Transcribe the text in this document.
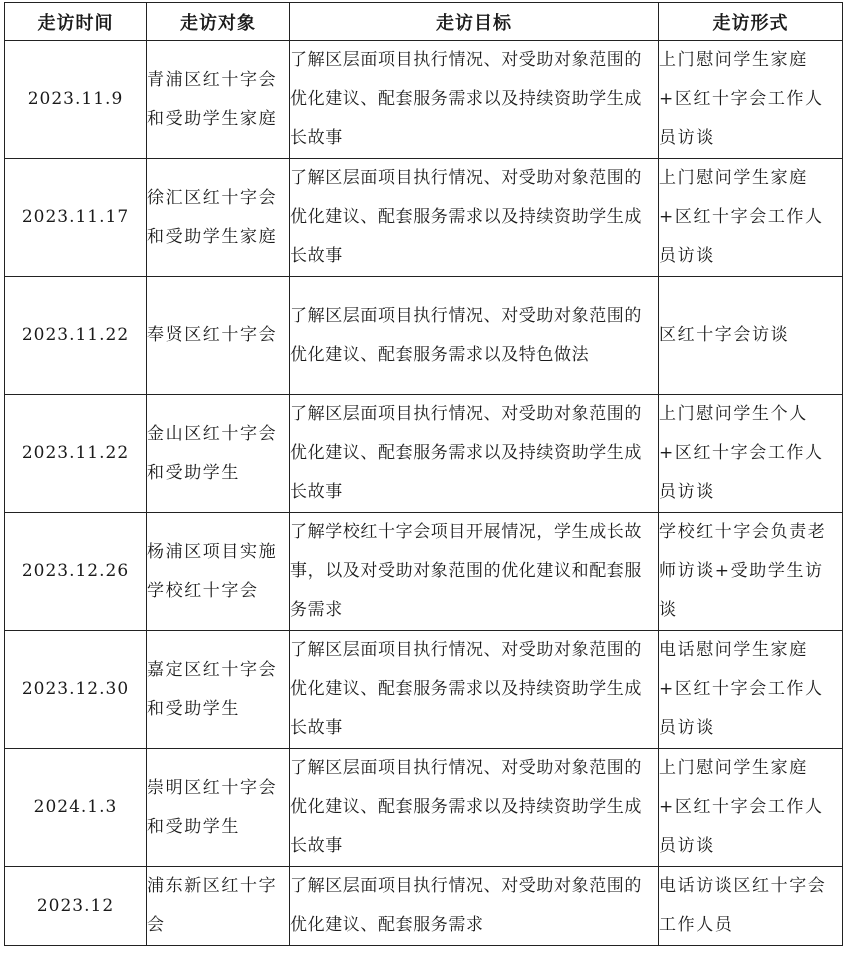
走访时间	走访对象	走访目标	走访形式
2023.11.9	青浦区红十字会和受助学生家庭	了解区层面项目执行情况、对受助对象范围的优化建议、配套服务需求以及持续资助学生成长故事	上门慰问学生家庭+区红十字会工作人员访谈
2023.11.17	徐汇区红十字会和受助学生家庭	了解区层面项目执行情况、对受助对象范围的优化建议、配套服务需求以及持续资助学生成长故事	上门慰问学生家庭+区红十字会工作人员访谈
2023.11.22	奉贤区红十字会	了解区层面项目执行情况、对受助对象范围的优化建议、配套服务需求以及特色做法	区红十字会访谈
2023.11.22	金山区红十字会和受助学生	了解区层面项目执行情况、对受助对象范围的优化建议、配套服务需求以及持续资助学生成长故事	上门慰问学生个人+区红十字会工作人员访谈
2023.12.26	杨浦区项目实施学校红十字会	了解学校红十字会项目开展情况，学生成长故事，以及对受助对象范围的优化建议和配套服务需求	学校红十字会负责老师访谈+受助学生访谈
2023.12.30	嘉定区红十字会和受助学生	了解区层面项目执行情况、对受助对象范围的优化建议、配套服务需求以及持续资助学生成长故事	电话慰问学生家庭+区红十字会工作人员访谈
2024.1.3	崇明区红十字会和受助学生	了解区层面项目执行情况、对受助对象范围的优化建议、配套服务需求以及持续资助学生成长故事	上门慰问学生家庭+区红十字会工作人员访谈
2023.12	浦东新区红十字会	了解区层面项目执行情况、对受助对象范围的优化建议、配套服务需求	电话访谈区红十字会工作人员
